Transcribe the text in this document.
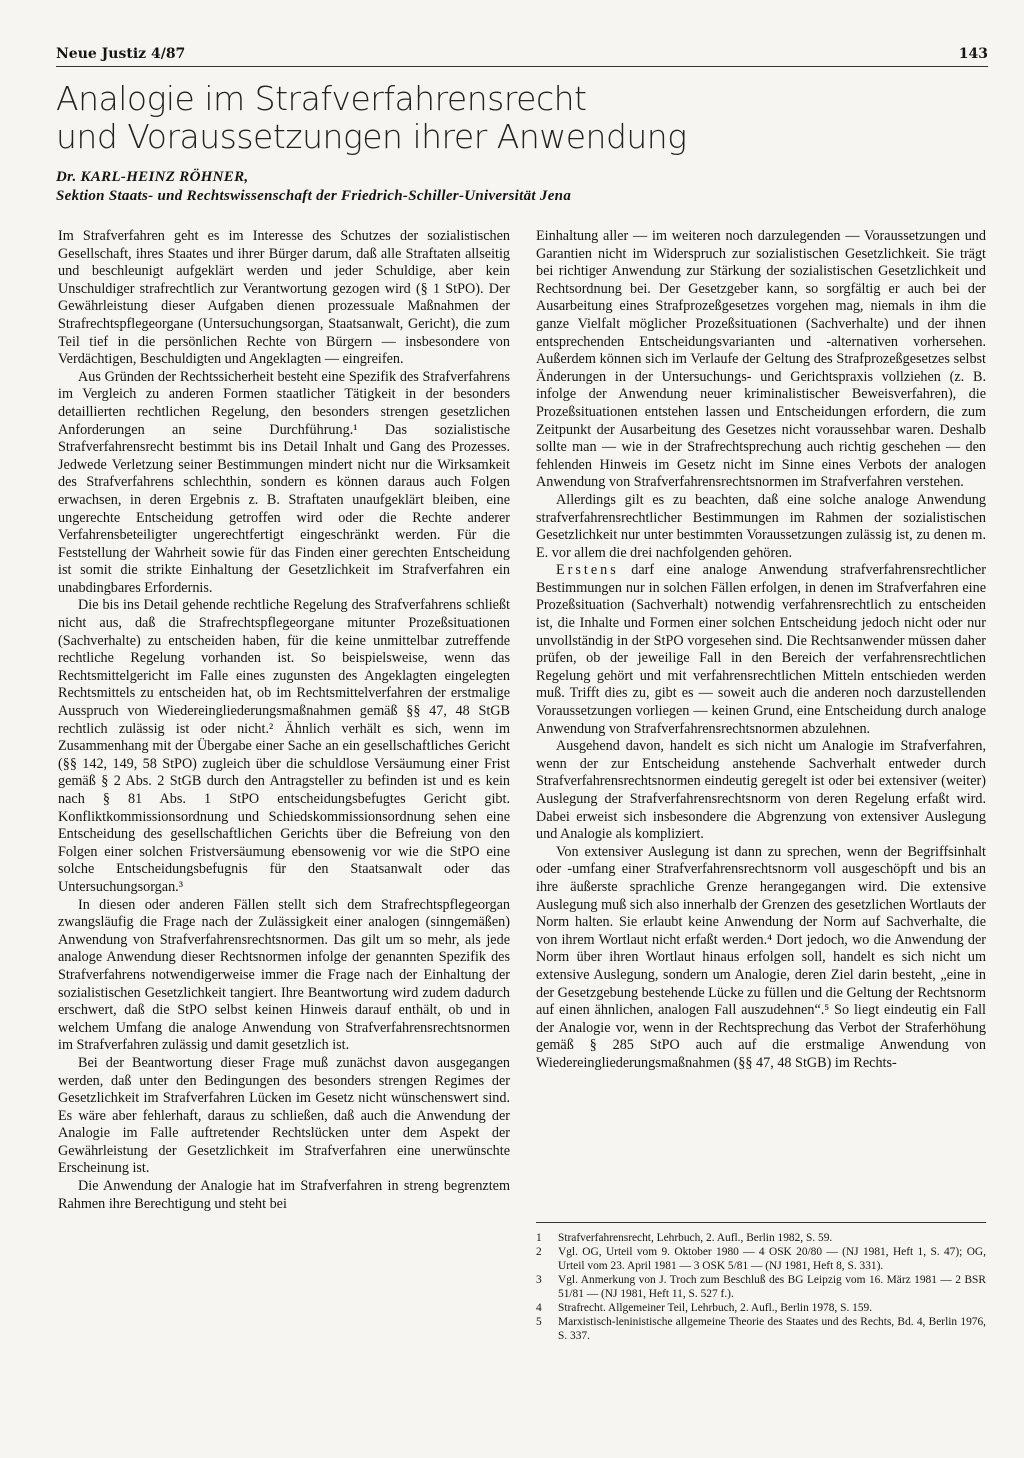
Neue Justiz 4/87	143
Analogie im Strafverfahrensrecht
und Voraussetzungen ihrer Anwendung
Dr. KARL-HEINZ RÖHNER,
Sektion Staats- und Rechtswissenschaft der Friedrich-Schiller-Universität Jena

Im Strafverfahren geht es im Interesse des Schutzes der sozialistischen Gesellschaft, ihres Staates und ihrer Bürger darum, daß alle Straftaten allseitig und beschleunigt aufgeklärt werden und jeder Schuldige, aber kein Unschuldiger strafrechtlich zur Verantwortung gezogen wird (§ 1 StPO). Der Gewährleistung dieser Aufgaben dienen prozessuale Maßnahmen der Strafrechtspflegeorgane (Untersuchungsorgan, Staatsanwalt, Gericht), die zum Teil tief in die persönlichen Rechte von Bürgern — insbesondere von Verdächtigen, Beschuldigten und Angeklagten — eingreifen.

Aus Gründen der Rechtssicherheit besteht eine Spezifik des Strafverfahrens im Vergleich zu anderen Formen staatlicher Tätigkeit in der besonders detaillierten rechtlichen Regelung, den besonders strengen gesetzlichen Anforderungen an seine Durchführung.¹ Das sozialistische Strafverfahrensrecht bestimmt bis ins Detail Inhalt und Gang des Prozesses. Jedwede Verletzung seiner Bestimmungen mindert nicht nur die Wirksamkeit des Strafverfahrens schlechthin, sondern es können daraus auch Folgen erwachsen, in deren Ergebnis z. B. Straftaten unaufgeklärt bleiben, eine ungerechte Entscheidung getroffen wird oder die Rechte anderer Verfahrensbeteiligter ungerechtfertigt eingeschränkt werden. Für die Feststellung der Wahrheit sowie für das Finden einer gerechten Entscheidung ist somit die strikte Einhaltung der Gesetzlichkeit im Strafverfahren ein unabdingbares Erfordernis.

Die bis ins Detail gehende rechtliche Regelung des Strafverfahrens schließt nicht aus, daß die Strafrechtspflegeorgane mitunter Prozeßsituationen (Sachverhalte) zu entscheiden haben, für die keine unmittelbar zutreffende rechtliche Regelung vorhanden ist. So beispielsweise, wenn das Rechtsmittelgericht im Falle eines zugunsten des Angeklagten eingelegten Rechtsmittels zu entscheiden hat, ob im Rechtsmittelverfahren der erstmalige Ausspruch von Wiedereingliederungsmaßnahmen gemäß §§ 47, 48 StGB rechtlich zulässig ist oder nicht.² Ähnlich verhält es sich, wenn im Zusammenhang mit der Übergabe einer Sache an ein gesellschaftliches Gericht (§§ 142, 149, 58 StPO) zugleich über die schuldlose Versäumung einer Frist gemäß § 2 Abs. 2 StGB durch den Antragsteller zu befinden ist und es kein nach § 81 Abs. 1 StPO entscheidungsbefugtes Gericht gibt. Konfliktkommissionsordnung und Schiedskommissionsordnung sehen eine Entscheidung des gesellschaftlichen Gerichts über die Befreiung von den Folgen einer solchen Fristversäumung ebensowenig vor wie die StPO eine solche Entscheidungsbefugnis für den Staatsanwalt oder das Untersuchungsorgan.³

In diesen oder anderen Fällen stellt sich dem Strafrechtspflegeorgan zwangsläufig die Frage nach der Zulässigkeit einer analogen (sinngemäßen) Anwendung von Strafverfahrensrechtsnormen. Das gilt um so mehr, als jede analoge Anwendung dieser Rechtsnormen infolge der genannten Spezifik des Strafverfahrens notwendigerweise immer die Frage nach der Einhaltung der sozialistischen Gesetzlichkeit tangiert. Ihre Beantwortung wird zudem dadurch erschwert, daß die StPO selbst keinen Hinweis darauf enthält, ob und in welchem Umfang die analoge Anwendung von Strafverfahrensrechtsnormen im Strafverfahren zulässig und damit gesetzlich ist.

Bei der Beantwortung dieser Frage muß zunächst davon ausgegangen werden, daß unter den Bedingungen des besonders strengen Regimes der Gesetzlichkeit im Strafverfahren Lücken im Gesetz nicht wünschenswert sind. Es wäre aber fehlerhaft, daraus zu schließen, daß auch die Anwendung der Analogie im Falle auftretender Rechtslücken unter dem Aspekt der Gewährleistung der Gesetzlichkeit im Strafverfahren eine unerwünschte Erscheinung ist.

Die Anwendung der Analogie hat im Strafverfahren in streng begrenztem Rahmen ihre Berechtigung und steht bei

Einhaltung aller — im weiteren noch darzulegenden — Voraussetzungen und Garantien nicht im Widerspruch zur sozialistischen Gesetzlichkeit. Sie trägt bei richtiger Anwendung zur Stärkung der sozialistischen Gesetzlichkeit und Rechtsordnung bei. Der Gesetzgeber kann, so sorgfältig er auch bei der Ausarbeitung eines Strafprozeßgesetzes vorgehen mag, niemals in ihm die ganze Vielfalt möglicher Prozeßsituationen (Sachverhalte) und der ihnen entsprechenden Entscheidungsvarianten und -alternativen vorhersehen. Außerdem können sich im Verlaufe der Geltung des Strafprozeßgesetzes selbst Änderungen in der Untersuchungs- und Gerichtspraxis vollziehen (z. B. infolge der Anwendung neuer kriminalistischer Beweisverfahren), die Prozeßsituationen entstehen lassen und Entscheidungen erfordern, die zum Zeitpunkt der Ausarbeitung des Gesetzes nicht voraussehbar waren. Deshalb sollte man — wie in der Strafrechtsprechung auch richtig geschehen — den fehlenden Hinweis im Gesetz nicht im Sinne eines Verbots der analogen Anwendung von Strafverfahrensrechtsnormen im Strafverfahren verstehen.

Allerdings gilt es zu beachten, daß eine solche analoge Anwendung strafverfahrensrechtlicher Bestimmungen im Rahmen der sozialistischen Gesetzlichkeit nur unter bestimmten Voraussetzungen zulässig ist, zu denen m. E. vor allem die drei nachfolgenden gehören.

Erstens darf eine analoge Anwendung strafverfahrensrechtlicher Bestimmungen nur in solchen Fällen erfolgen, in denen im Strafverfahren eine Prozeßsituation (Sachverhalt) notwendig verfahrensrechtlich zu entscheiden ist, die Inhalte und Formen einer solchen Entscheidung jedoch nicht oder nur unvollständig in der StPO vorgesehen sind. Die Rechtsanwender müssen daher prüfen, ob der jeweilige Fall in den Bereich der verfahrensrechtlichen Regelung gehört und mit verfahrensrechtlichen Mitteln entschieden werden muß. Trifft dies zu, gibt es — soweit auch die anderen noch darzustellenden Voraussetzungen vorliegen — keinen Grund, eine Entscheidung durch analoge Anwendung von Strafverfahrensrechtsnormen abzulehnen.

Ausgehend davon, handelt es sich nicht um Analogie im Strafverfahren, wenn der zur Entscheidung anstehende Sachverhalt entweder durch Strafverfahrensrechtsnormen eindeutig geregelt ist oder bei extensiver (weiter) Auslegung der Strafverfahrensrechtsnorm von deren Regelung erfaßt wird. Dabei erweist sich insbesondere die Abgrenzung von extensiver Auslegung und Analogie als kompliziert.

Von extensiver Auslegung ist dann zu sprechen, wenn der Begriffsinhalt oder -umfang einer Strafverfahrensrechtsnorm voll ausgeschöpft und bis an ihre äußerste sprachliche Grenze herangegangen wird. Die extensive Auslegung muß sich also innerhalb der Grenzen des gesetzlichen Wortlauts der Norm halten. Sie erlaubt keine Anwendung der Norm auf Sachverhalte, die von ihrem Wortlaut nicht erfaßt werden.⁴ Dort jedoch, wo die Anwendung der Norm über ihren Wortlaut hinaus erfolgen soll, handelt es sich nicht um extensive Auslegung, sondern um Analogie, deren Ziel darin besteht, „eine in der Gesetzgebung bestehende Lücke zu füllen und die Geltung der Rechtsnorm auf einen ähnlichen, analogen Fall auszudehnen“.⁵ So liegt eindeutig ein Fall der Analogie vor, wenn in der Rechtsprechung das Verbot der Straferhöhung gemäß § 285 StPO auch auf die erstmalige Anwendung von Wiedereingliederungsmaßnahmen (§§ 47, 48 StGB) im Rechts-

1	Strafverfahrensrecht, Lehrbuch, 2. Aufl., Berlin 1982, S. 59.
2	Vgl. OG, Urteil vom 9. Oktober 1980 — 4 OSK 20/80 — (NJ 1981, Heft 1, S. 47); OG, Urteil vom 23. April 1981 — 3 OSK 5/81 — (NJ 1981, Heft 8, S. 331).
3	Vgl. Anmerkung von J. Troch zum Beschluß des BG Leipzig vom 16. März 1981 — 2 BSR 51/81 — (NJ 1981, Heft 11, S. 527 f.).
4	Strafrecht. Allgemeiner Teil, Lehrbuch, 2. Aufl., Berlin 1978, S. 159.
5	Marxistisch-leninistische allgemeine Theorie des Staates und des Rechts, Bd. 4, Berlin 1976, S. 337.
